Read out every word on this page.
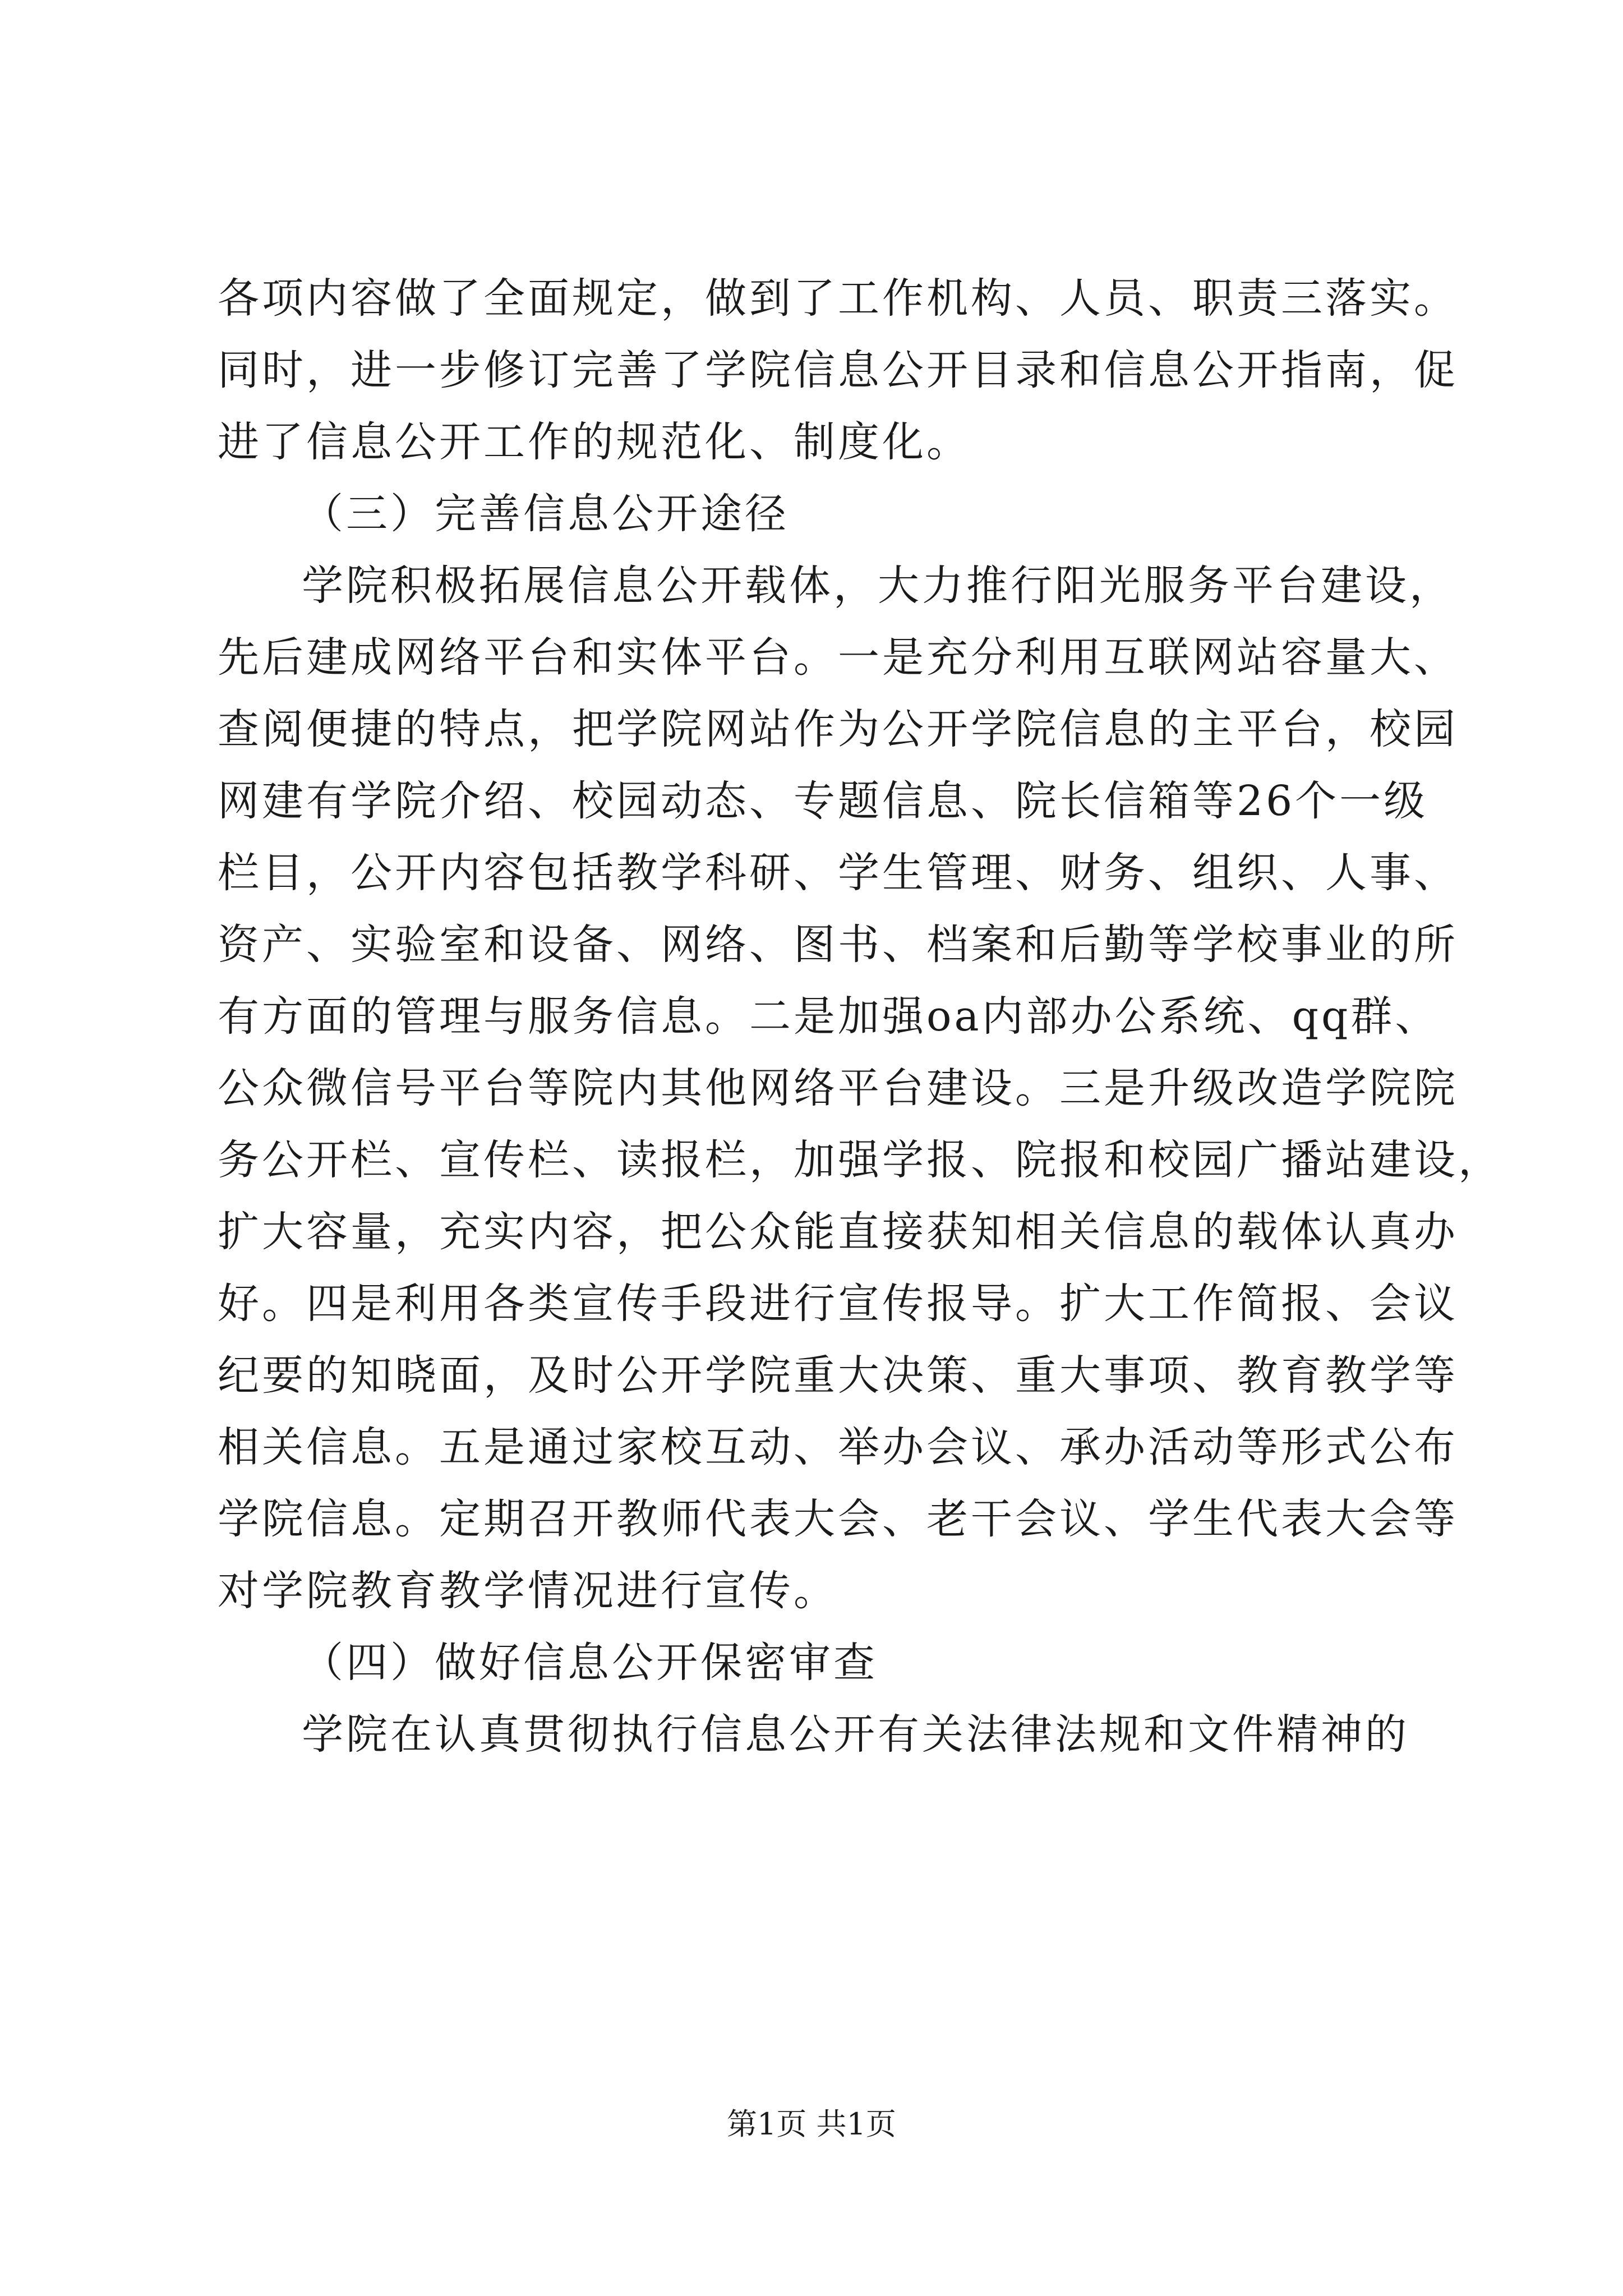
各项内容做了全面规定，做到了工作机构、人员、职责三落实。
同时，进一步修订完善了学院信息公开目录和信息公开指南，促
进了信息公开工作的规范化、制度化。
（三）完善信息公开途径
学院积极拓展信息公开载体，大力推行阳光服务平台建设，
先后建成网络平台和实体平台。一是充分利用互联网站容量大、
查阅便捷的特点，把学院网站作为公开学院信息的主平台，校园
网建有学院介绍、校园动态、专题信息、院长信箱等26个一级
栏目，公开内容包括教学科研、学生管理、财务、组织、人事、
资产、实验室和设备、网络、图书、档案和后勤等学校事业的所
有方面的管理与服务信息。二是加强oa内部办公系统、qq群、
公众微信号平台等院内其他网络平台建设。三是升级改造学院院
务公开栏、宣传栏、读报栏，加强学报、院报和校园广播站建设，
扩大容量，充实内容，把公众能直接获知相关信息的载体认真办
好。四是利用各类宣传手段进行宣传报导。扩大工作简报、会议
纪要的知晓面，及时公开学院重大决策、重大事项、教育教学等
相关信息。五是通过家校互动、举办会议、承办活动等形式公布
学院信息。定期召开教师代表大会、老干会议、学生代表大会等
对学院教育教学情况进行宣传。
（四）做好信息公开保密审查
学院在认真贯彻执行信息公开有关法律法规和文件精神的
第1页 共1页
